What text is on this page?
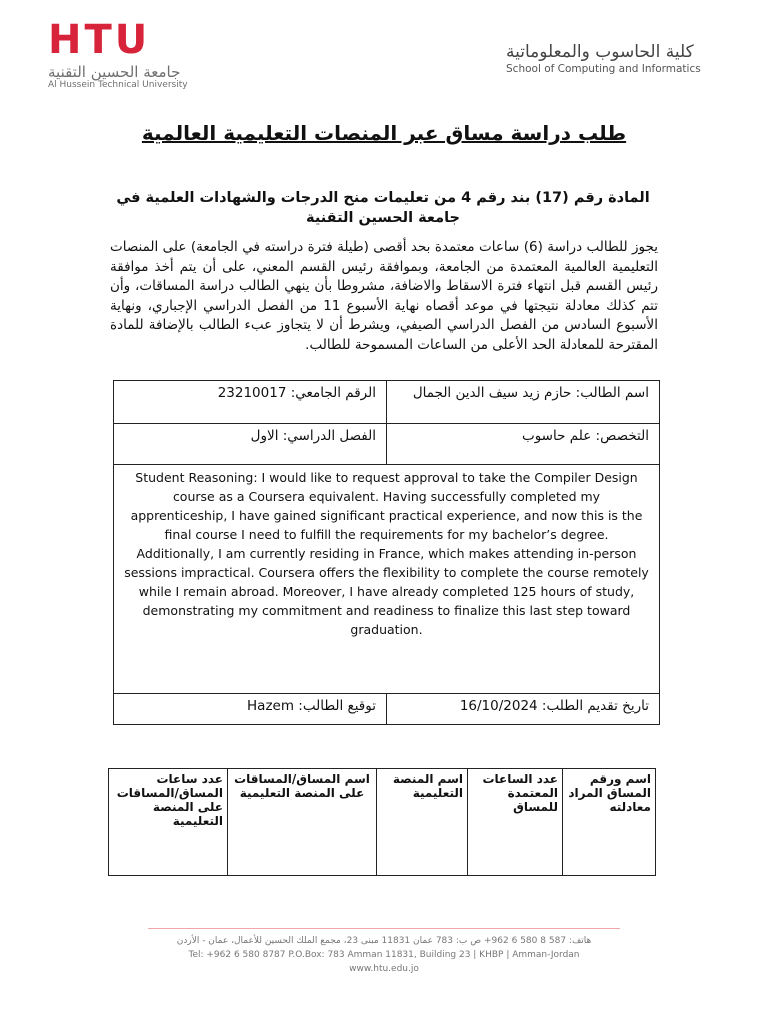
H T U
جامعة الحسين التقنية
Al Hussein Technical University
كلية الحاسوب والمعلوماتية
School of Computing and Informatics
طلب دراسة مساق عبر المنصات التعليمية العالمية
المادة رقم (17) بند رقم 4 من تعليمات منح الدرجات والشهادات العلمية في جامعة الحسين التقنية
يجوز للطالب دراسة (6) ساعات معتمدة بحد أقصى (طيلة فترة دراسته في الجامعة) على المنصات التعليمية العالمية المعتمدة من الجامعة، وبموافقة رئيس القسم المعني، على أن يتم أخذ موافقة رئيس القسم قبل انتهاء فترة الاسقاط والاضافة، مشروطا بأن ينهي الطالب دراسة المساقات، وأن تتم كذلك معادلة نتيجتها في موعد أقصاه نهاية الأسبوع 11 من الفصل الدراسي الإجباري، ونهاية الأسبوع السادس من الفصل الدراسي الصيفي، ويشرط أن لا يتجاوز عبء الطالب بالإضافة للمادة المقترحة للمعادلة الحد الأعلى من الساعات المسموحة للطالب.
اسم الطالب: حازم زيد سيف الدين الجمال
الرقم الجامعي: 23210017
التخصص: علم حاسوب
الفصل الدراسي: الاول
Student Reasoning: I would like to request approval to take the Compiler Design course as a Coursera equivalent. Having successfully completed my apprenticeship, I have gained significant practical experience, and now this is the final course I need to fulfill the requirements for my bachelor’s degree. Additionally, I am currently residing in France, which makes attending in-person sessions impractical. Coursera offers the flexibility to complete the course remotely while I remain abroad. Moreover, I have already completed 125 hours of study, demonstrating my commitment and readiness to finalize this last step toward graduation.
تاريخ تقديم الطلب: 16/10/2024
توقيع الطالب: Hazem
اسم ورقم المساق المراد معادلته
عدد الساعات المعتمدة للمساق
اسم المنصة التعليمية
اسم المساق/المساقات على المنصة التعليمية
عدد ساعات المساق/المساقات على المنصة التعليمية
هاتف: 587 8 580 6 962+ ص ب: 783 عمان 11831 مبنى 23، مجمع الملك الحسين للأعمال، عمان - الأردن
Tel: +962 6 580 8787 P.O.Box: 783 Amman 11831, Building 23 | KHBP | Amman-Jordan
www.htu.edu.jo
